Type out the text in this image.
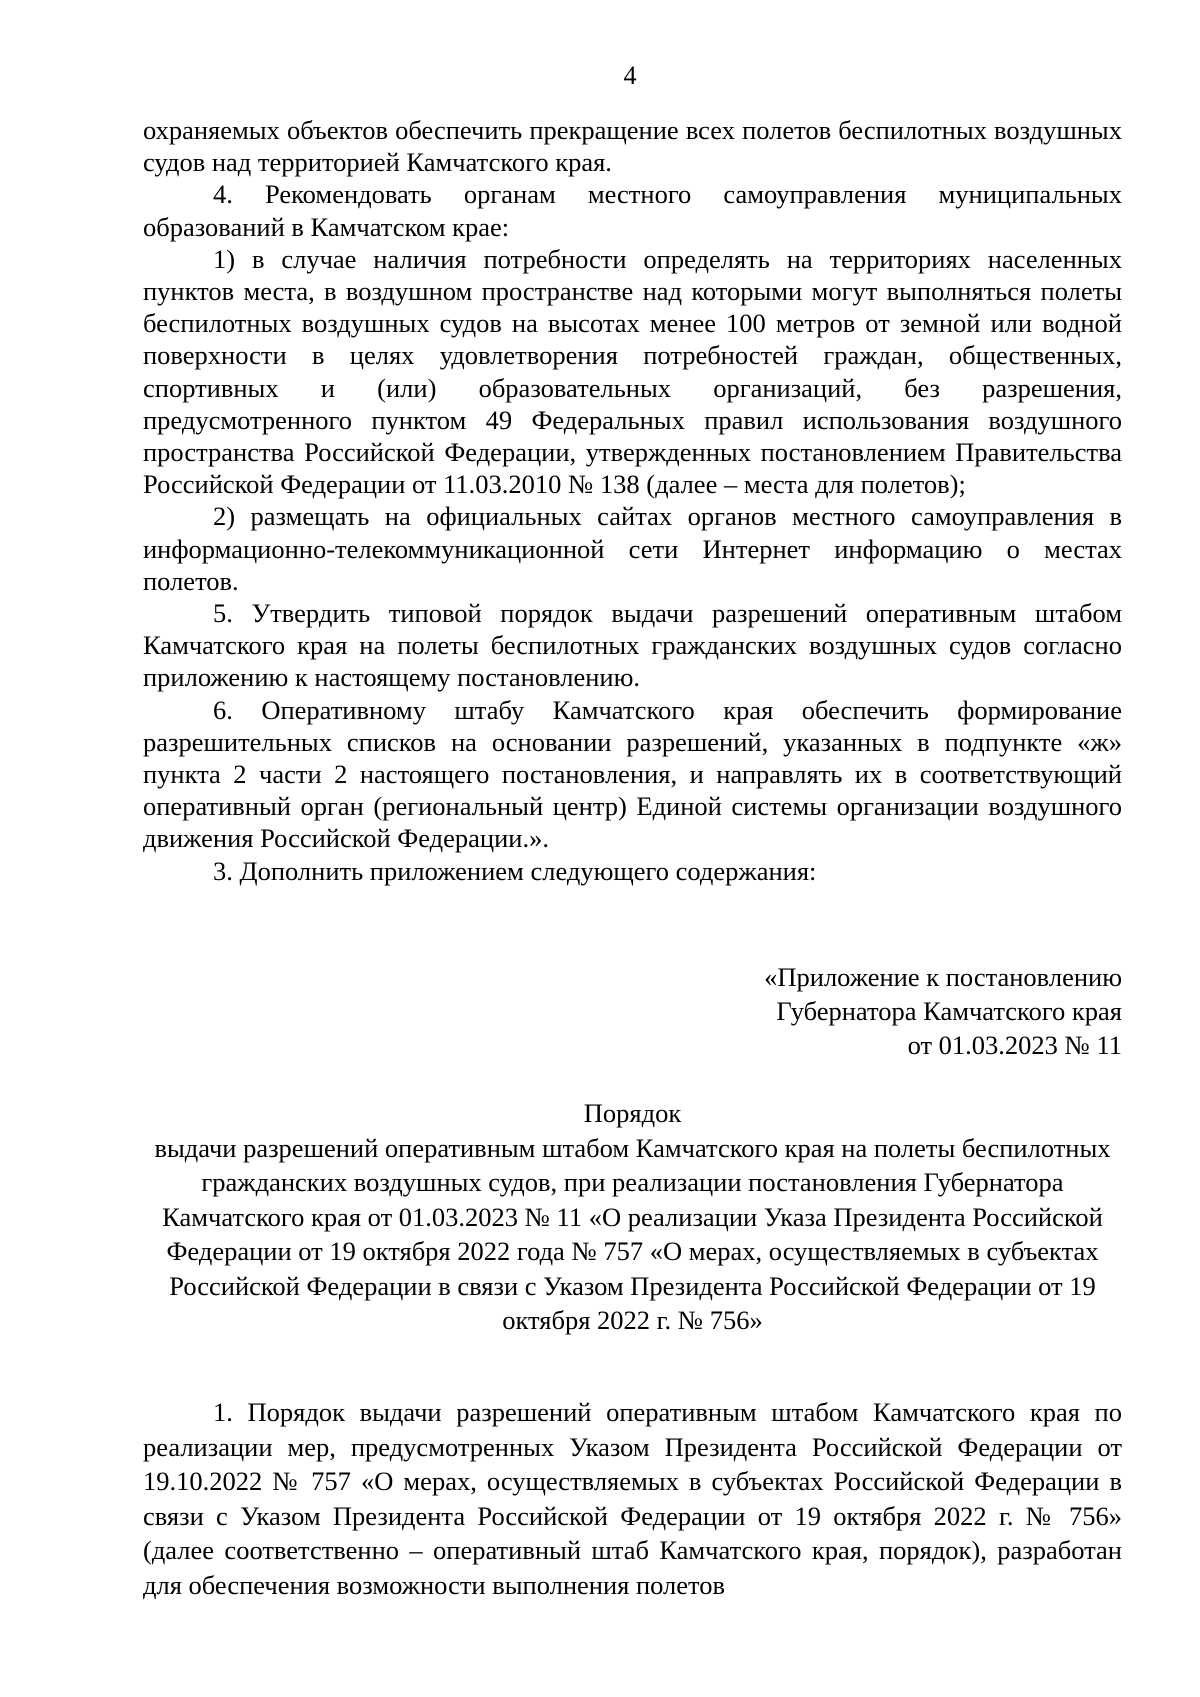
4

охраняемых объектов обеспечить прекращение всех полетов беспилотных воздушных судов над территорией Камчатского края.

4. Рекомендовать органам местного самоуправления муниципальных образований в Камчатском крае:

1) в случае наличия потребности определять на территориях населенных пунктов места, в воздушном пространстве над которыми могут выполняться полеты беспилотных воздушных судов на высотах менее 100 метров от земной или водной поверхности в целях удовлетворения потребностей граждан, общественных, спортивных и (или) образовательных организаций, без разрешения, предусмотренного пунктом 49 Федеральных правил использования воздушного пространства Российской Федерации, утвержденных постановлением Правительства Российской Федерации от 11.03.2010 № 138 (далее – места для полетов);

2) размещать на официальных сайтах органов местного самоуправления в информационно-телекоммуникационной сети Интернет информацию о местах полетов.

5. Утвердить типовой порядок выдачи разрешений оперативным штабом Камчатского края на полеты беспилотных гражданских воздушных судов согласно приложению к настоящему постановлению.

6. Оперативному штабу Камчатского края обеспечить формирование разрешительных списков на основании разрешений, указанных в подпункте «ж» пункта 2 части 2 настоящего постановления, и направлять их в соответствующий оперативный орган (региональный центр) Единой системы организации воздушного движения Российской Федерации.».

3. Дополнить приложением следующего содержания:

«Приложение к постановлению
Губернатора Камчатского края
от 01.03.2023 № 11

Порядок

выдачи разрешений оперативным штабом Камчатского края на полеты беспилотных гражданских воздушных судов, при реализации постановления Губернатора Камчатского края от 01.03.2023 № 11 «О реализации Указа Президента Российской Федерации от 19 октября 2022 года № 757 «О мерах, осуществляемых в субъектах Российской Федерации в связи с Указом Президента Российской Федерации от 19 октября 2022 г. № 756»

1. Порядок выдачи разрешений оперативным штабом Камчатского края по реализации мер, предусмотренных Указом Президента Российской Федерации от 19.10.2022 № 757 «О мерах, осуществляемых в субъектах Российской Федерации в связи с Указом Президента Российской Федерации от 19 октября 2022 г. № 756» (далее соответственно – оперативный штаб Камчатского края, порядок), разработан для обеспечения возможности выполнения полетов
